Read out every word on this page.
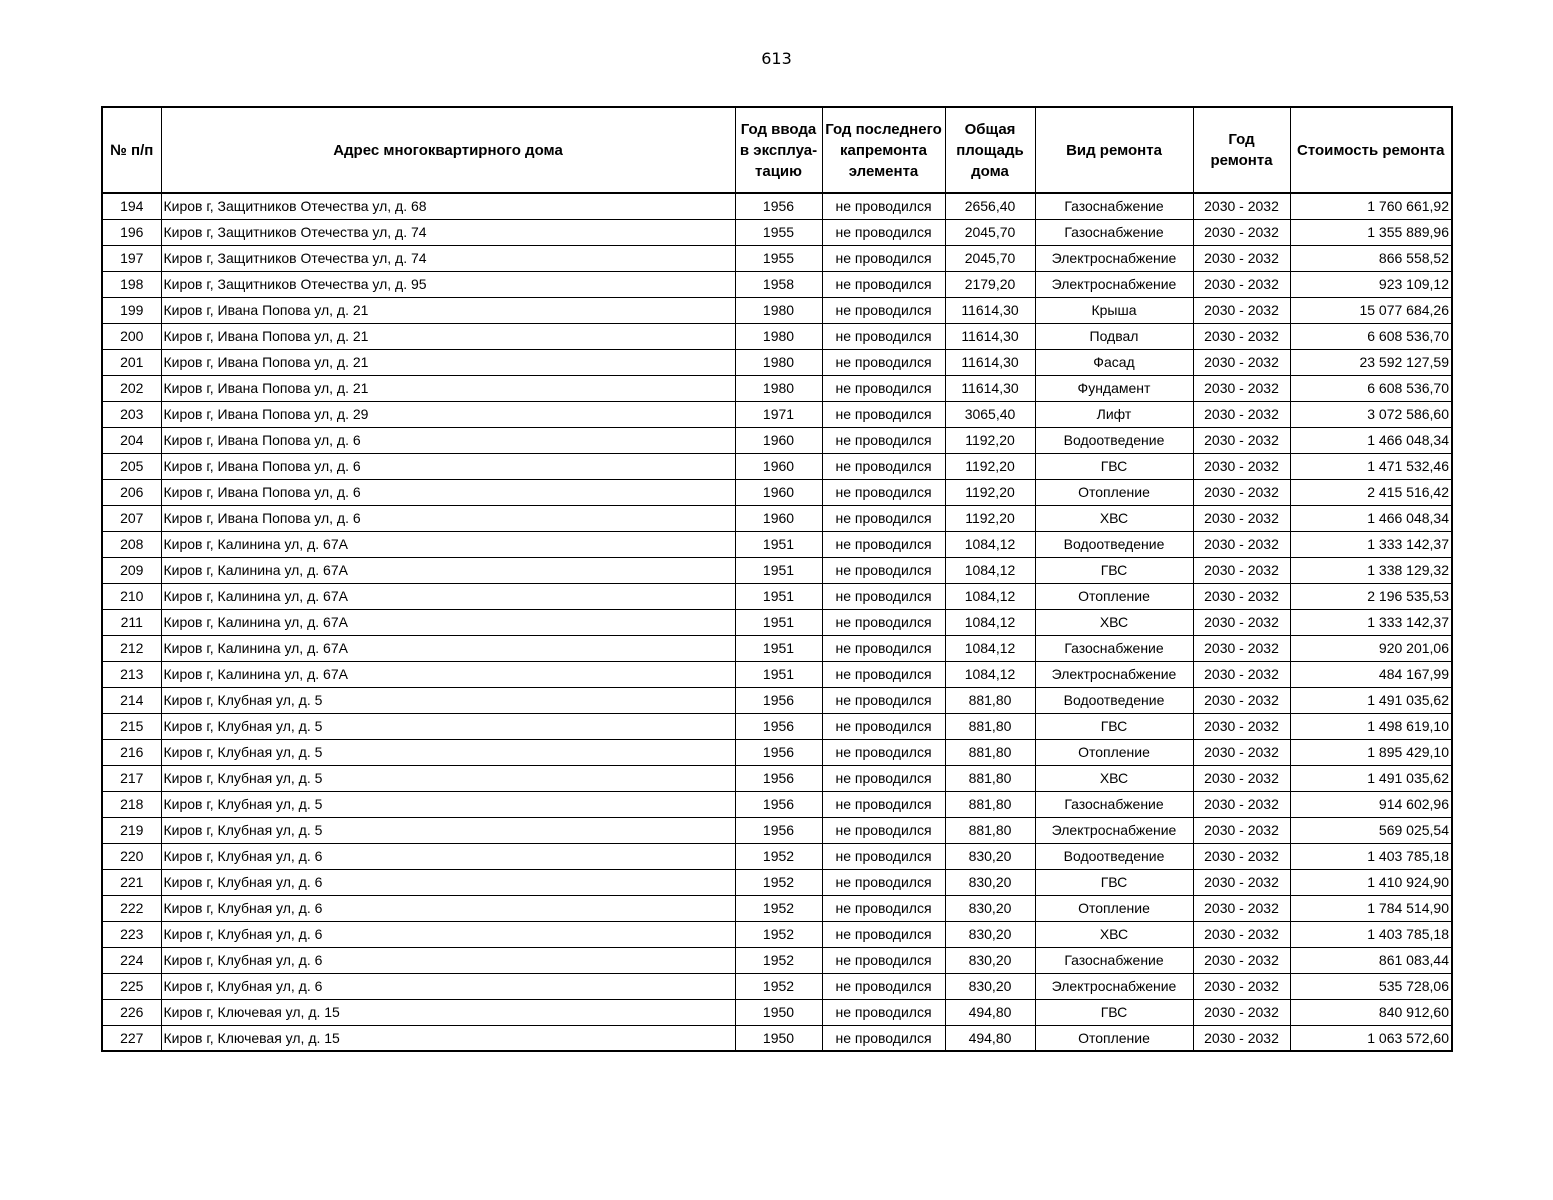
613
№ п/п	Адрес многоквартирного дома	Год ввода в эксплуа-тацию	Год последнего капремонта элемента	Общая площадь дома	Вид ремонта	Год ремонта	Стоимость ремонта
194	Киров г, Защитников Отечества ул, д. 68	1956	не проводился	2656,40	Газоснабжение	2030 - 2032	1 760 661,92
196	Киров г, Защитников Отечества ул, д. 74	1955	не проводился	2045,70	Газоснабжение	2030 - 2032	1 355 889,96
197	Киров г, Защитников Отечества ул, д. 74	1955	не проводился	2045,70	Электроснабжение	2030 - 2032	866 558,52
198	Киров г, Защитников Отечества ул, д. 95	1958	не проводился	2179,20	Электроснабжение	2030 - 2032	923 109,12
199	Киров г, Ивана Попова ул, д. 21	1980	не проводился	11614,30	Крыша	2030 - 2032	15 077 684,26
200	Киров г, Ивана Попова ул, д. 21	1980	не проводился	11614,30	Подвал	2030 - 2032	6 608 536,70
201	Киров г, Ивана Попова ул, д. 21	1980	не проводился	11614,30	Фасад	2030 - 2032	23 592 127,59
202	Киров г, Ивана Попова ул, д. 21	1980	не проводился	11614,30	Фундамент	2030 - 2032	6 608 536,70
203	Киров г, Ивана Попова ул, д. 29	1971	не проводился	3065,40	Лифт	2030 - 2032	3 072 586,60
204	Киров г, Ивана Попова ул, д. 6	1960	не проводился	1192,20	Водоотведение	2030 - 2032	1 466 048,34
205	Киров г, Ивана Попова ул, д. 6	1960	не проводился	1192,20	ГВС	2030 - 2032	1 471 532,46
206	Киров г, Ивана Попова ул, д. 6	1960	не проводился	1192,20	Отопление	2030 - 2032	2 415 516,42
207	Киров г, Ивана Попова ул, д. 6	1960	не проводился	1192,20	ХВС	2030 - 2032	1 466 048,34
208	Киров г, Калинина ул, д. 67А	1951	не проводился	1084,12	Водоотведение	2030 - 2032	1 333 142,37
209	Киров г, Калинина ул, д. 67А	1951	не проводился	1084,12	ГВС	2030 - 2032	1 338 129,32
210	Киров г, Калинина ул, д. 67А	1951	не проводился	1084,12	Отопление	2030 - 2032	2 196 535,53
211	Киров г, Калинина ул, д. 67А	1951	не проводился	1084,12	ХВС	2030 - 2032	1 333 142,37
212	Киров г, Калинина ул, д. 67А	1951	не проводился	1084,12	Газоснабжение	2030 - 2032	920 201,06
213	Киров г, Калинина ул, д. 67А	1951	не проводился	1084,12	Электроснабжение	2030 - 2032	484 167,99
214	Киров г, Клубная ул, д. 5	1956	не проводился	881,80	Водоотведение	2030 - 2032	1 491 035,62
215	Киров г, Клубная ул, д. 5	1956	не проводился	881,80	ГВС	2030 - 2032	1 498 619,10
216	Киров г, Клубная ул, д. 5	1956	не проводился	881,80	Отопление	2030 - 2032	1 895 429,10
217	Киров г, Клубная ул, д. 5	1956	не проводился	881,80	ХВС	2030 - 2032	1 491 035,62
218	Киров г, Клубная ул, д. 5	1956	не проводился	881,80	Газоснабжение	2030 - 2032	914 602,96
219	Киров г, Клубная ул, д. 5	1956	не проводился	881,80	Электроснабжение	2030 - 2032	569 025,54
220	Киров г, Клубная ул, д. 6	1952	не проводился	830,20	Водоотведение	2030 - 2032	1 403 785,18
221	Киров г, Клубная ул, д. 6	1952	не проводился	830,20	ГВС	2030 - 2032	1 410 924,90
222	Киров г, Клубная ул, д. 6	1952	не проводился	830,20	Отопление	2030 - 2032	1 784 514,90
223	Киров г, Клубная ул, д. 6	1952	не проводился	830,20	ХВС	2030 - 2032	1 403 785,18
224	Киров г, Клубная ул, д. 6	1952	не проводился	830,20	Газоснабжение	2030 - 2032	861 083,44
225	Киров г, Клубная ул, д. 6	1952	не проводился	830,20	Электроснабжение	2030 - 2032	535 728,06
226	Киров г, Ключевая ул, д. 15	1950	не проводился	494,80	ГВС	2030 - 2032	840 912,60
227	Киров г, Ключевая ул, д. 15	1950	не проводился	494,80	Отопление	2030 - 2032	1 063 572,60
